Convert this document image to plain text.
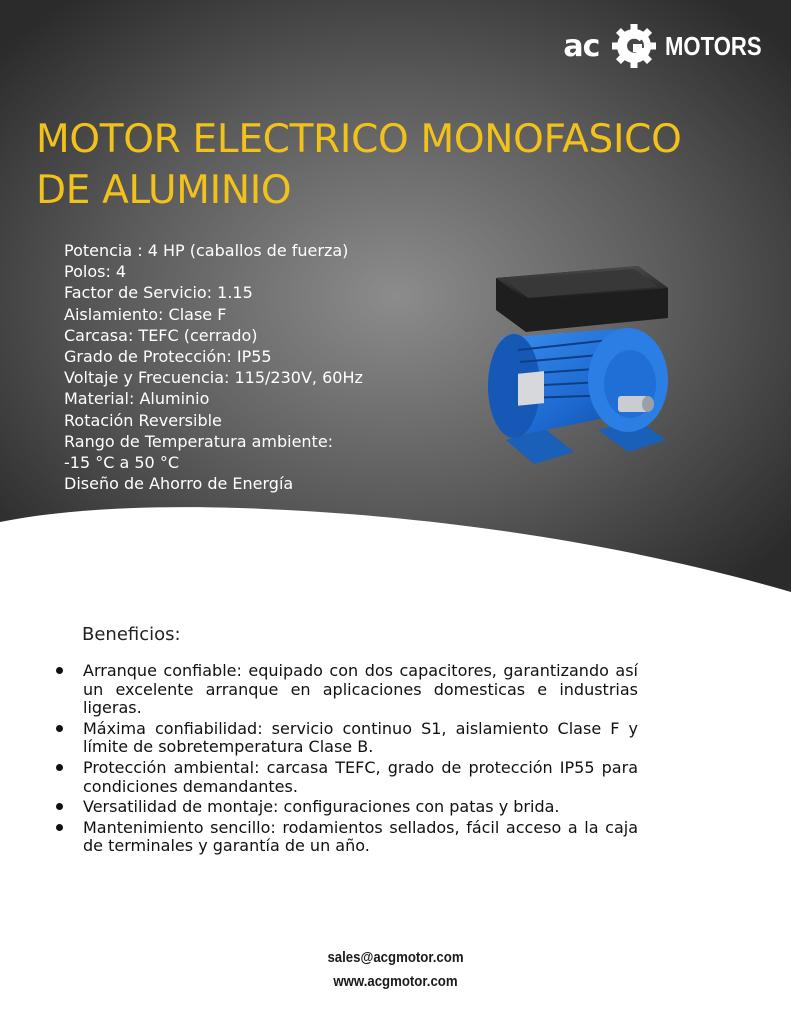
ac	MOTORS
MOTOR ELECTRICO MONOFASICO
DE ALUMINIO
Potencia : 4 HP (caballos de fuerza)
Polos: 4
Factor de Servicio: 1.15
Aislamiento: Clase F
Carcasa: TEFC (cerrado)
Grado de Protección: IP55
Voltaje y Frecuencia: 115/230V, 60Hz
Material: Aluminio
Rotación Reversible
Rango de Temperatura ambiente:
-15 °C a 50 °C
Diseño de Ahorro de Energía
Beneficios:
Arranque confiable: equipado con dos capacitores, garantizando así un excelente arranque en aplicaciones domesticas e industrias ligeras.
Máxima confiabilidad: servicio continuo S1, aislamiento Clase F y límite de sobretemperatura Clase B.
Protección ambiental: carcasa TEFC, grado de protección IP55 para condiciones demandantes.
Versatilidad de montaje: configuraciones con patas y brida.
Mantenimiento sencillo: rodamientos sellados, fácil acceso a la caja de terminales y garantía de un año.
sales@acgmotor.com
www.acgmotor.com
